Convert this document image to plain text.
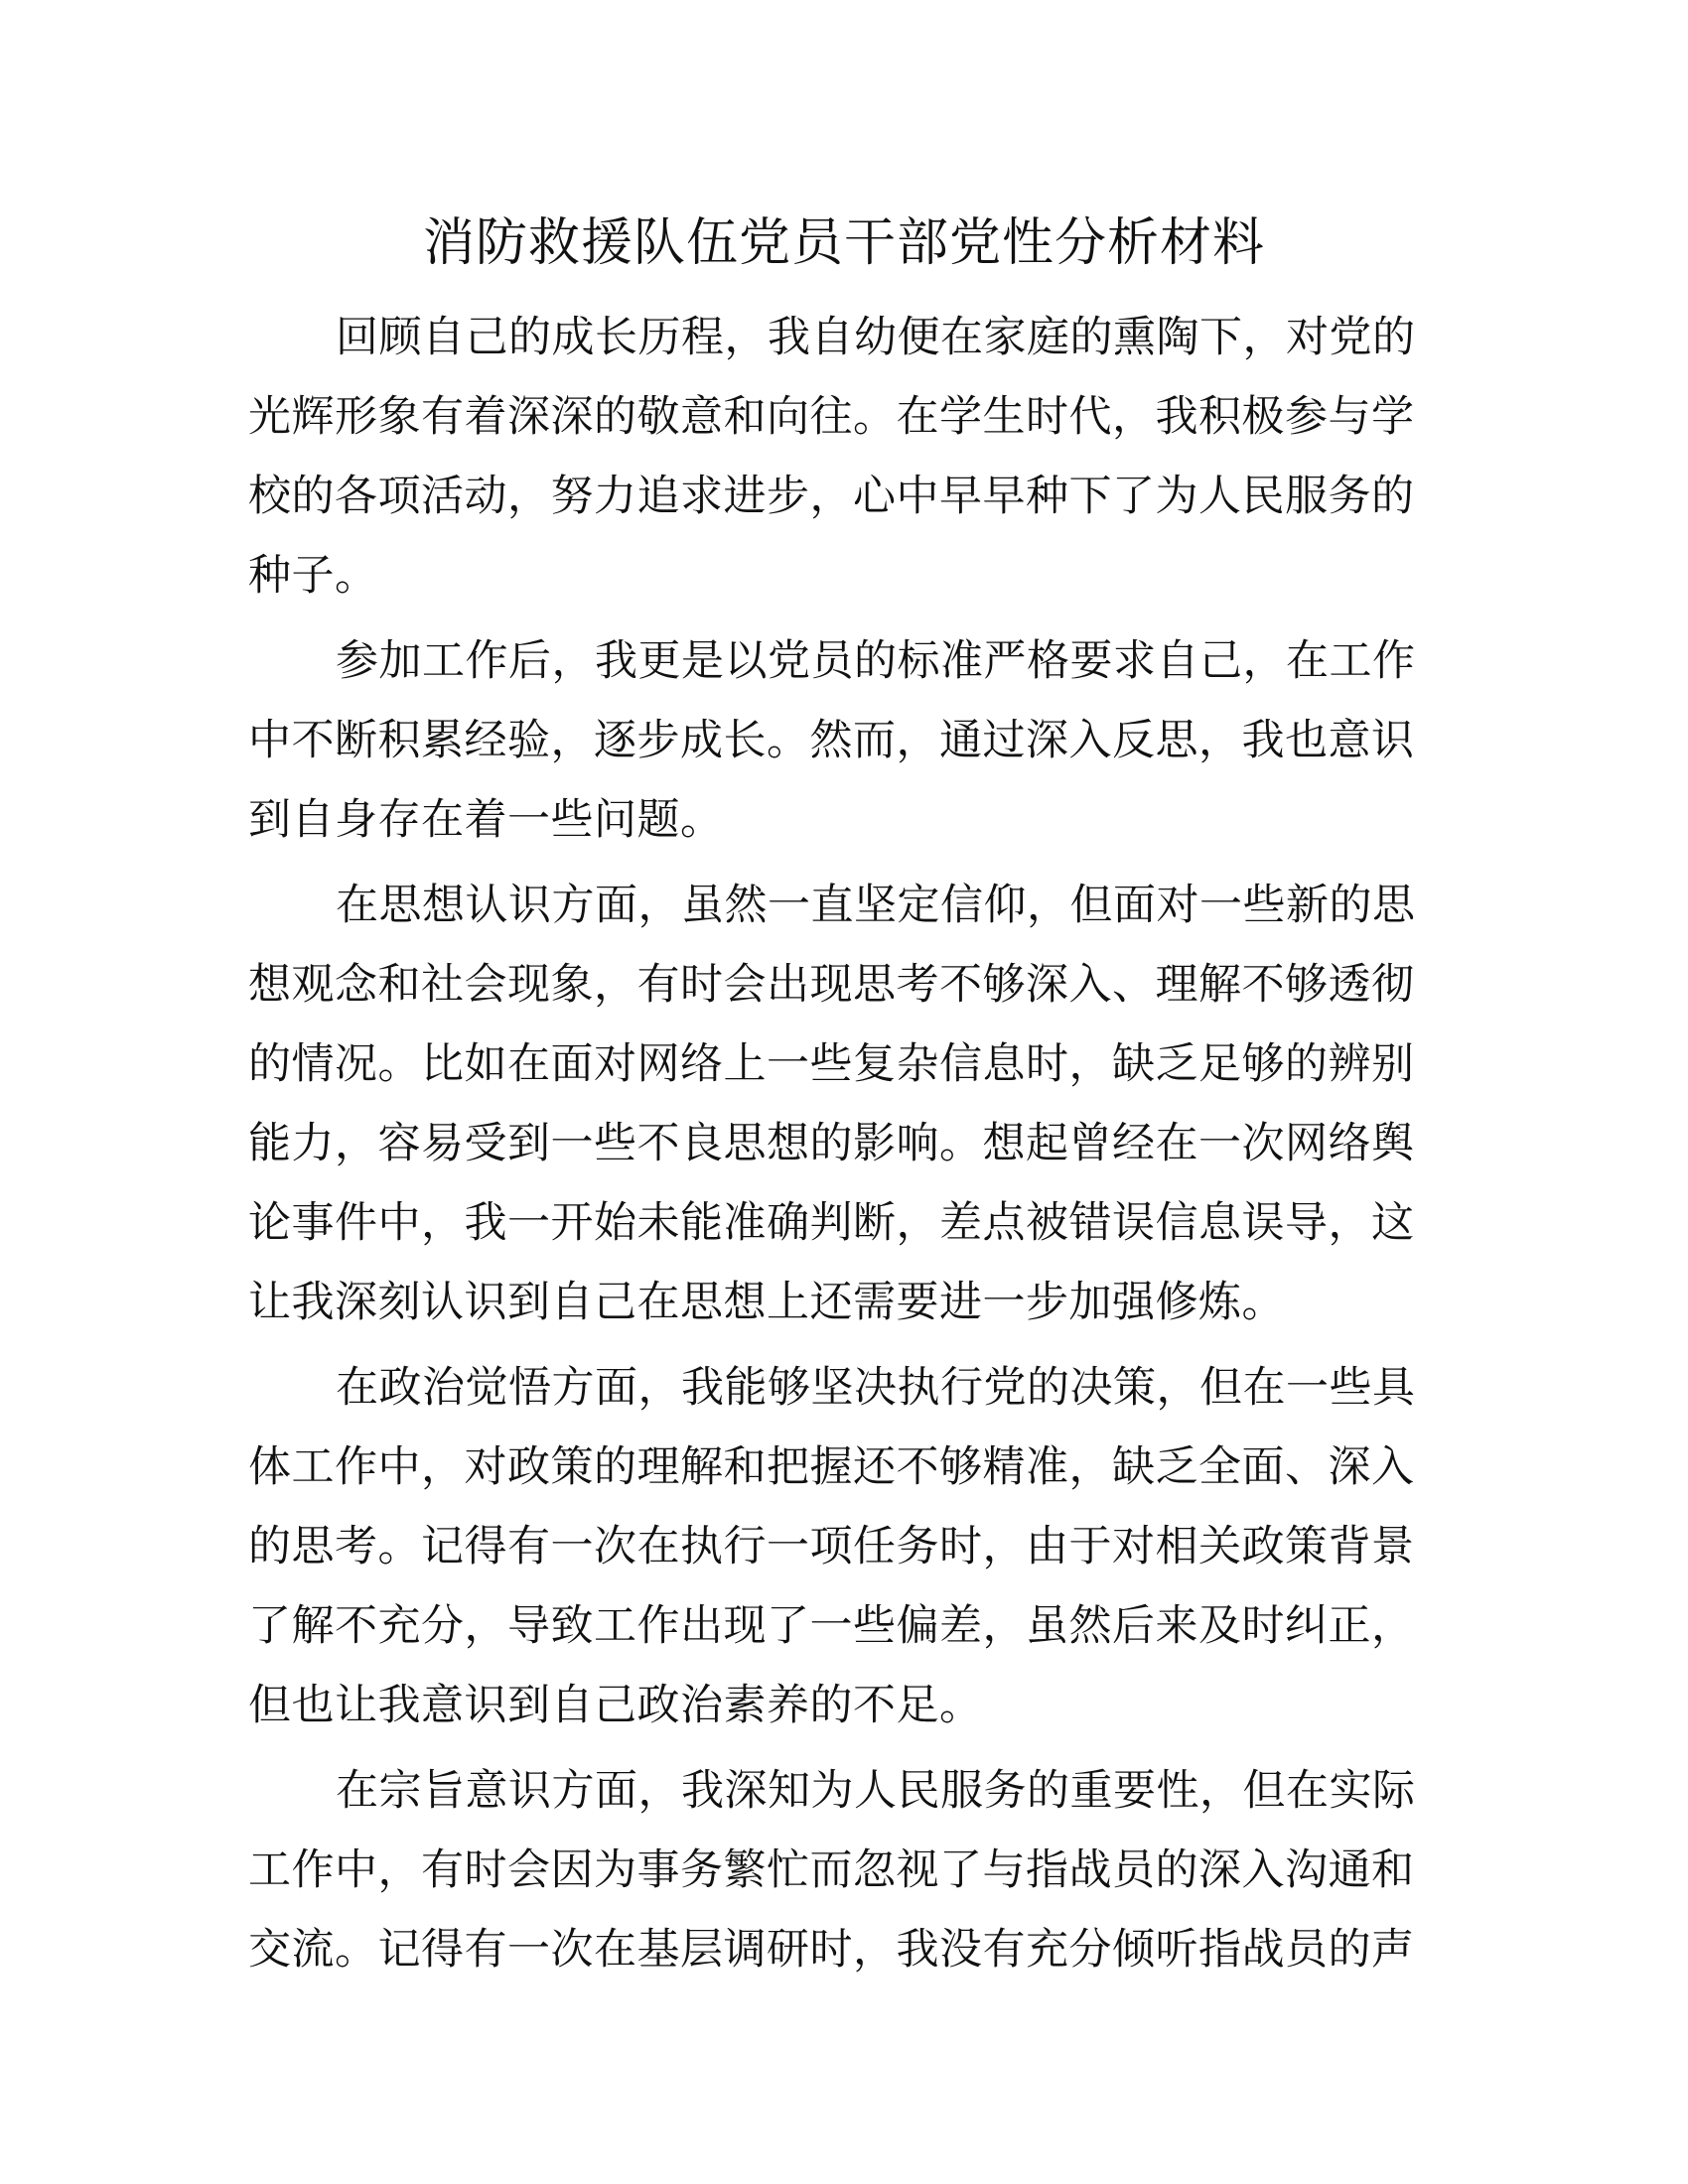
消防救援队伍党员干部党性分析材料

回顾自己的成长历程，我自幼便在家庭的熏陶下，对党的
光辉形象有着深深的敬意和向往。在学生时代，我积极参与学
校的各项活动，努力追求进步，心中早早种下了为人民服务的
种子。

参加工作后，我更是以党员的标准严格要求自己，在工作
中不断积累经验，逐步成长。然而，通过深入反思，我也意识
到自身存在着一些问题。

在思想认识方面，虽然一直坚定信仰，但面对一些新的思
想观念和社会现象，有时会出现思考不够深入、理解不够透彻
的情况。比如在面对网络上一些复杂信息时，缺乏足够的辨别
能力，容易受到一些不良思想的影响。想起曾经在一次网络舆
论事件中，我一开始未能准确判断，差点被错误信息误导，这
让我深刻认识到自己在思想上还需要进一步加强修炼。

在政治觉悟方面，我能够坚决执行党的决策，但在一些具
体工作中，对政策的理解和把握还不够精准，缺乏全面、深入
的思考。记得有一次在执行一项任务时，由于对相关政策背景
了解不充分，导致工作出现了一些偏差，虽然后来及时纠正，
但也让我意识到自己政治素养的不足。

在宗旨意识方面，我深知为人民服务的重要性，但在实际
工作中，有时会因为事务繁忙而忽视了与指战员的深入沟通和
交流。记得有一次在基层调研时，我没有充分倾听指战员的声
